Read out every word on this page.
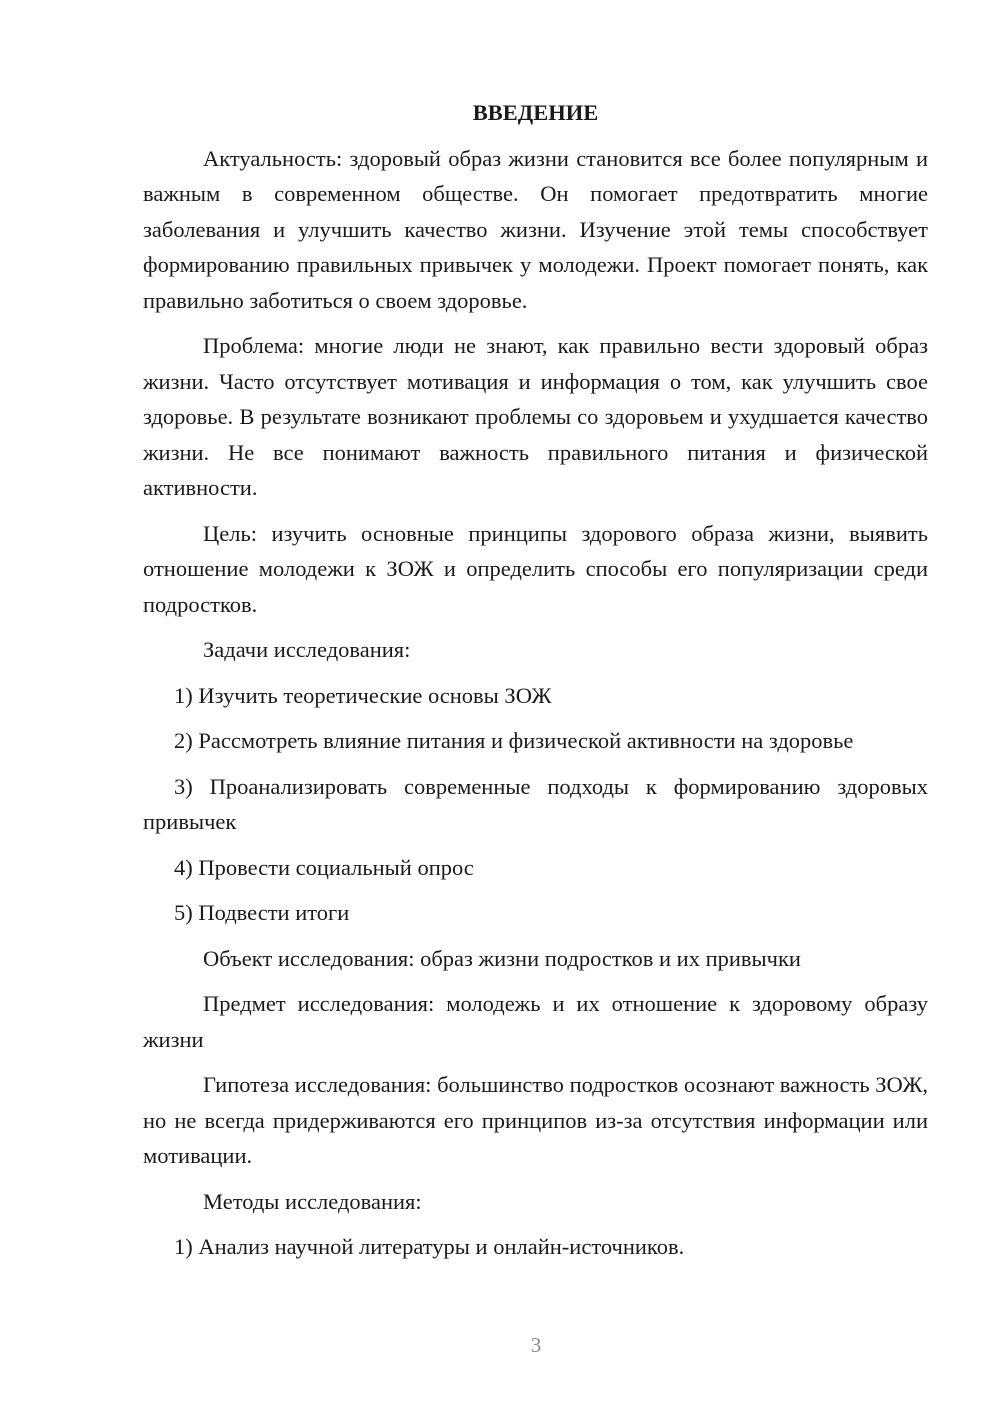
ВВЕДЕНИЕ

Актуальность: здоровый образ жизни становится все более популярным и важным в современном обществе. Он помогает предотвратить многие заболевания и улучшить качество жизни. Изучение этой темы способствует формированию правильных привычек у молодежи. Проект помогает понять, как правильно заботиться о своем здоровье.

Проблема: многие люди не знают, как правильно вести здоровый образ жизни. Часто отсутствует мотивация и информация о том, как улучшить свое здоровье. В результате возникают проблемы со здоровьем и ухудшается качество жизни. Не все понимают важность правильного питания и физической активности.

Цель: изучить основные принципы здорового образа жизни, выявить отношение молодежи к ЗОЖ и определить способы его популяризации среди подростков.

Задачи исследования:

1) Изучить теоретические основы ЗОЖ

2) Рассмотреть влияние питания и физической активности на здоровье

3) Проанализировать современные подходы к формированию здоровых привычек

4) Провести социальный опрос

5) Подвести итоги

Объект исследования: образ жизни подростков и их привычки

Предмет исследования: молодежь и их отношение к здоровому образу жизни

Гипотеза исследования: большинство подростков осознают важность ЗОЖ, но не всегда придерживаются его принципов из-за отсутствия информации или мотивации.

Методы исследования:

1) Анализ научной литературы и онлайн-источников.

3
